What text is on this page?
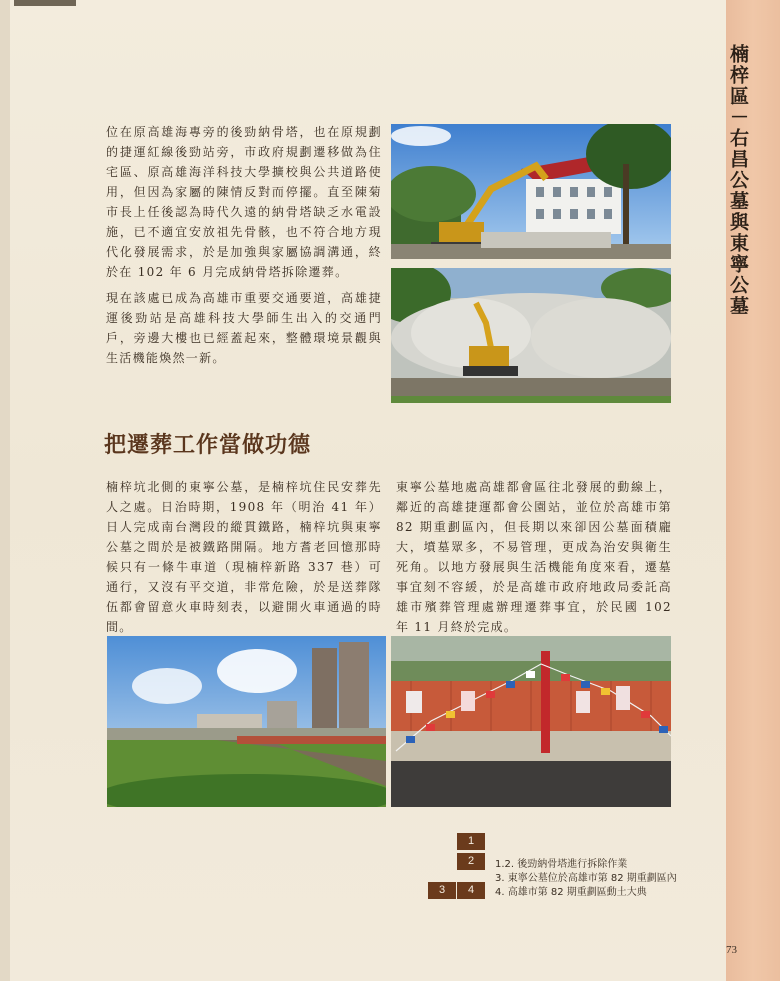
楠梓區－右昌公墓與東寧公墓

位在原高雄海專旁的後勁納骨塔，也在原規劃的捷運紅線後勁站旁，市政府規劃遷移做為住宅區、原高雄海洋科技大學擴校與公共道路使用，但因為家屬的陳情反對而停擺。直至陳菊市長上任後認為時代久遠的納骨塔缺乏水電設施，已不適宜安放祖先骨骸，也不符合地方現代化發展需求，於是加強與家屬協調溝通，終於在 102 年 6 月完成納骨塔拆除遷葬。

現在該處已成為高雄市重要交通要道，高雄捷運後勁站是高雄科技大學師生出入的交通門戶，旁邊大樓也已經蓋起來，整體環境景觀與生活機能煥然一新。

把遷葬工作當做功德

楠梓坑北側的東寧公墓，是楠梓坑住民安葬先人之處。日治時期，1908 年（明治 41 年）日人完成南台灣段的縱貫鐵路，楠梓坑與東寧公墓之間於是被鐵路開隔。地方耆老回憶那時候只有一條牛車道（現楠梓新路 337 巷）可通行，又沒有平交道，非常危險，於是送葬隊伍都會留意火車時刻表，以避開火車通過的時間。

東寧公墓地處高雄都會區往北發展的動線上，鄰近的高雄捷運都會公園站，並位於高雄市第 82 期重劃區內，但長期以來卻因公墓面積龐大，墳墓眾多，不易管理，更成為治安與衛生死角。以地方發展與生活機能角度來看，遷墓事宜刻不容緩，於是高雄市政府地政局委託高雄市殯葬管理處辦理遷葬事宜，於民國 102 年 11 月終於完成。

1
2
3	4
1.2. 後勁納骨塔進行拆除作業
3. 東寧公墓位於高雄市第 82 期重劃區內
4. 高雄市第 82 期重劃區動土大典
73
